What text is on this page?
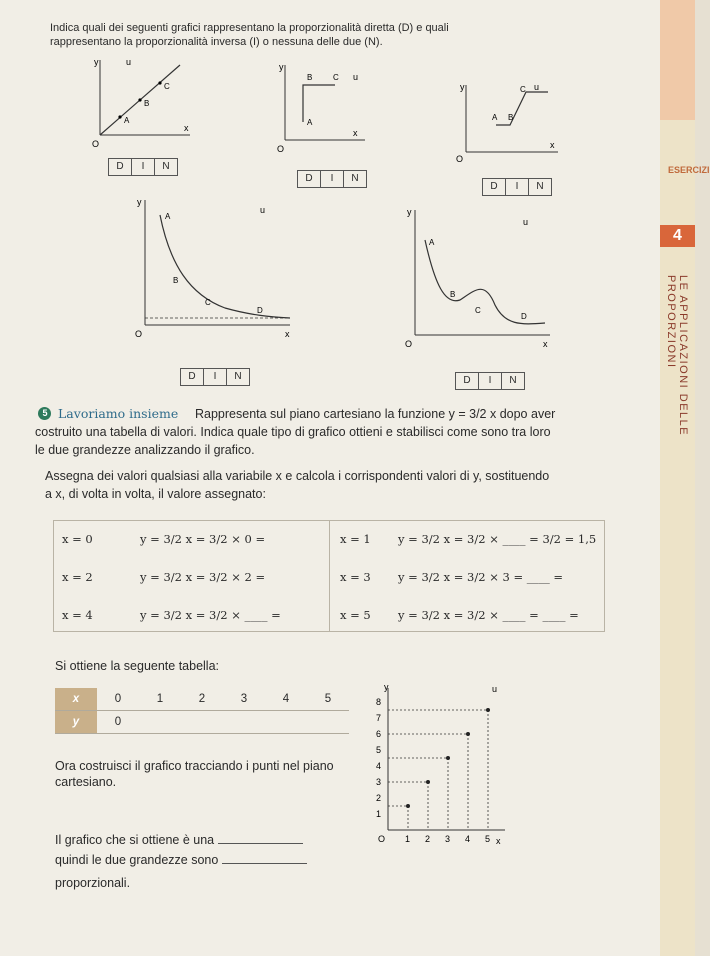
Indica quali dei seguenti grafici rappresentano la proporzionalità diretta (D) e quali
rappresentano la proporzionalità inversa (I) o nessuna delle due (N).
O
y
x
u
A
B
C
D	I	N
O
y
x
u
A
B	C
D	I	N
O
y
x
u
A B
C
D	I	N
O
y
x
u
A
B
C
D
D	I	N
O
y
x
u
A
B
C
D
D	I	N
5 Lavoriamo insieme Rappresenta sul piano cartesiano la funzione y = 3/2 x dopo aver
costruito una tabella di valori. Indica quale tipo di grafico ottieni e stabilisci come sono tra loro
le due grandezze analizzando il grafico.
Assegna dei valori qualsiasi alla variabile x e calcola i corrispondenti valori di y, sostituendo
a x, di volta in volta, il valore assegnato:
x = 0	y = 3/2 x = 3/2 × 0 =	x = 1 y = 3/2 x = 3/2 × ____ = 3/2 = 1,5
x = 2	y = 3/2 x = 3/2 × 2 =	x = 3 y = 3/2 x = 3/2 × 3 = ____ =
x = 4	y = 3/2 x = 3/2 × ____ =	x = 5 y = 3/2 x = 3/2 × ____ = ____ =
Si ottiene la seguente tabella:
x	0	1	2	3	4	5
y	0					
Ora costruisci il grafico tracciando i punti nel piano cartesiano.
Il grafico che si ottiene è una
quindi le due grandezze sono
proporzionali.
1 2 3 4 5
1
2
3
4
5
6
7
8
O
y
x
u
ESERCIZI
4
LE APPLICAZIONI DELLE PROPORZIONI
